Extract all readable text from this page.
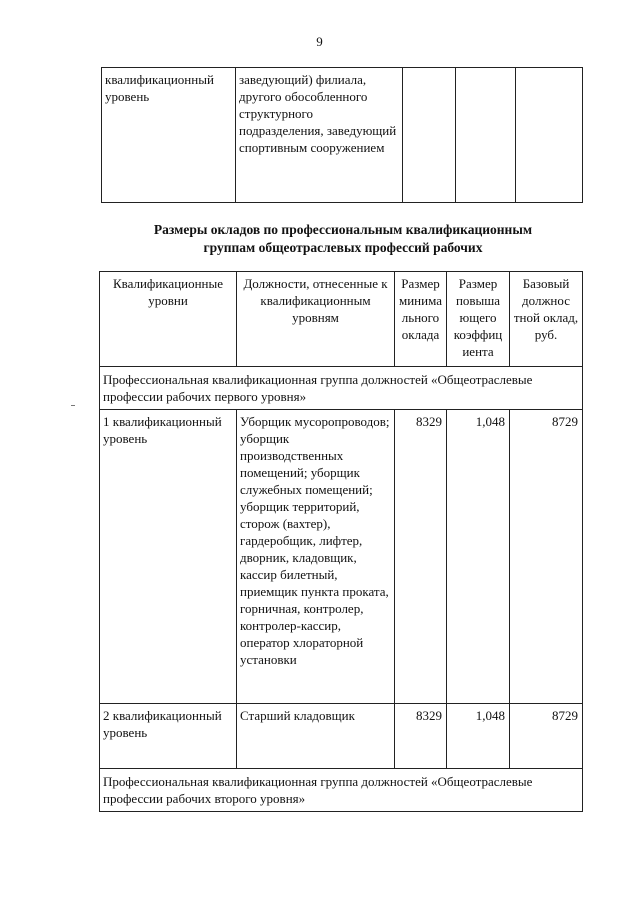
9
квалификационный уровень	заведующий) филиала, другого обособленного структурного подразделения, заведующий спортивным сооружением			
Размеры окладов по профессиональным квалификационным
группам общеотраслевых профессий рабочих
Квалификационные уровни	Должности, отнесенные к квалификационным уровням	Размер минима льного оклада	Размер повыша ющего коэффиц иента	Базовый должнос тной оклад, руб.
Профессиональная квалификационная группа должностей «Общеотраслевые профессии рабочих первого уровня»				
1 квалификационный уровень	Уборщик мусоропроводов; уборщик производственных помещений; уборщик служебных помещений; уборщик территорий, сторож (вахтер), гардеробщик, лифтер, дворник, кладовщик, кассир билетный, приемщик пункта проката, горничная, контролер, контролер-кассир, оператор хлораторной установки	8329	1,048	8729
2 квалификационный уровень	Старший кладовщик	8329	1,048	8729
Профессиональная квалификационная группа должностей «Общеотраслевые профессии рабочих второго уровня»				
